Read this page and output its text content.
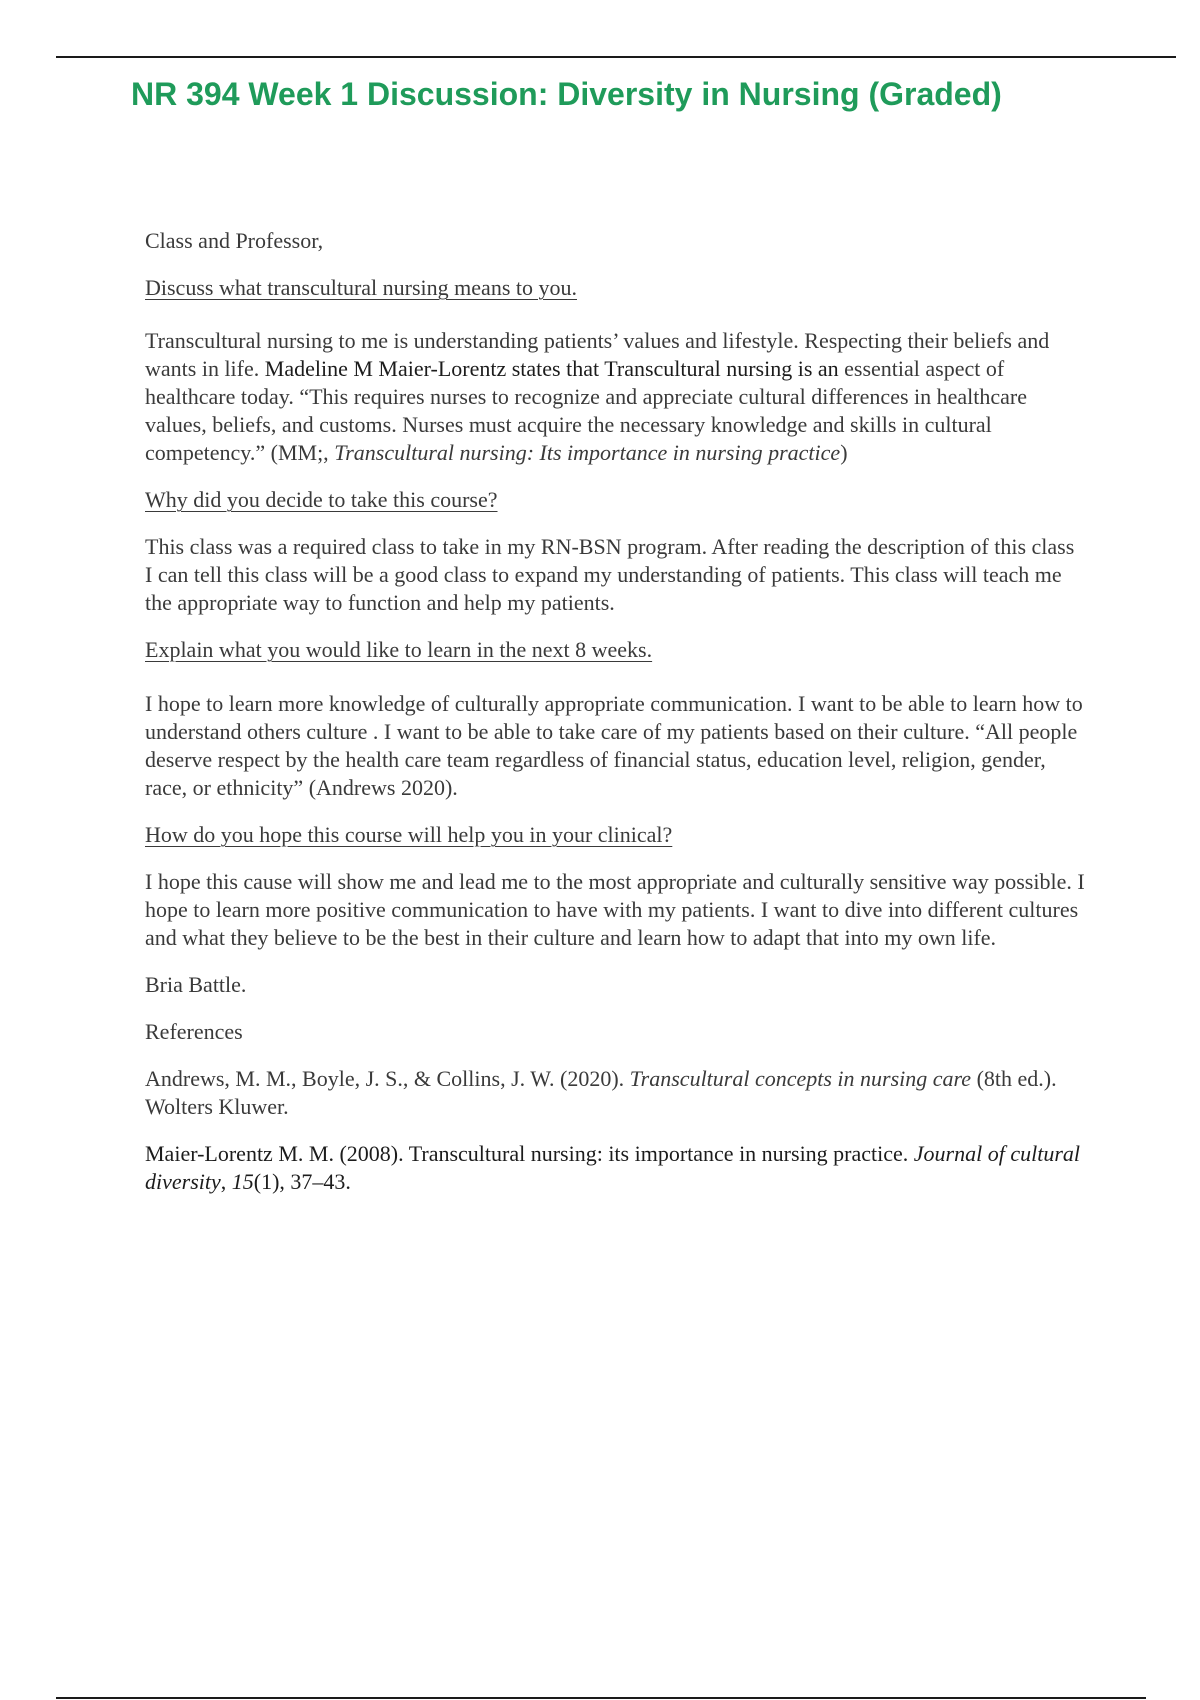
NR 394 Week 1 Discussion: Diversity in Nursing (Graded)

Class and Professor,

Discuss what transcultural nursing means to you.

Transcultural nursing to me is understanding patients’ values and lifestyle. Respecting their beliefs and wants in life. Madeline M Maier-Lorentz states that Transcultural nursing is an essential aspect of healthcare today. “This requires nurses to recognize and appreciate cultural differences in healthcare values, beliefs, and customs. Nurses must acquire the necessary knowledge and skills in cultural competency.” (MM;, Transcultural nursing: Its importance in nursing practice)

Why did you decide to take this course?

This class was a required class to take in my RN-BSN program. After reading the description of this class I can tell this class will be a good class to expand my understanding of patients. This class will teach me the appropriate way to function and help my patients.

Explain what you would like to learn in the next 8 weeks.

I hope to learn more knowledge of culturally appropriate communication. I want to be able to learn how to understand others culture . I want to be able to take care of my patients based on their culture. “All people deserve respect by the health care team regardless of financial status, education level, religion, gender, race, or ethnicity” (Andrews 2020).

How do you hope this course will help you in your clinical?

I hope this cause will show me and lead me to the most appropriate and culturally sensitive way possible. I hope to learn more positive communication to have with my patients. I want to dive into different cultures and what they believe to be the best in their culture and learn how to adapt that into my own life.

Bria Battle.

References

Andrews, M. M., Boyle, J. S., & Collins, J. W. (2020). Transcultural concepts in nursing care (8th ed.). Wolters Kluwer.

Maier-Lorentz M. M. (2008). Transcultural nursing: its importance in nursing practice. Journal of cultural diversity, 15(1), 37–43.
